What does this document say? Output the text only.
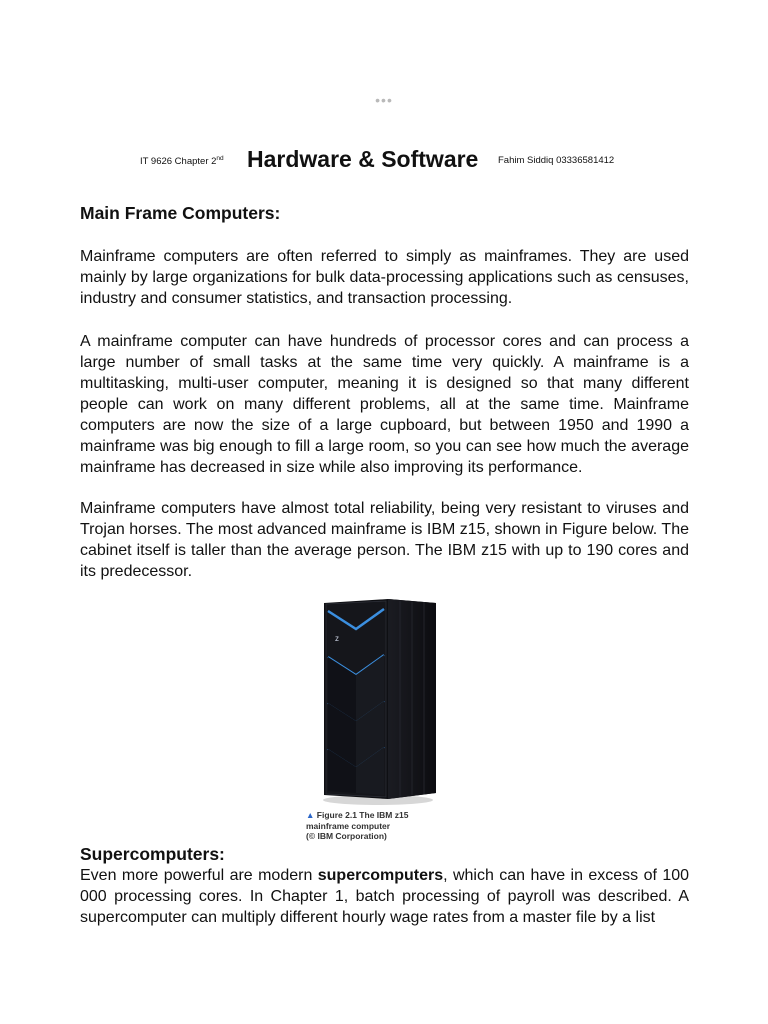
•••
IT 9626 Chapter 2nd Hardware & Software Fahim Siddiq 03336581412
Main Frame Computers:

Mainframe computers are often referred to simply as mainframes. They are used mainly by large organizations for bulk data-processing applications such as censuses, industry and consumer statistics, and transaction processing.

A mainframe computer can have hundreds of processor cores and can process a large number of small tasks at the same time very quickly. A mainframe is a multitasking, multi-user computer, meaning it is designed so that many different people can work on many different problems, all at the same time. Mainframe computers are now the size of a large cupboard, but between 1950 and 1990 a mainframe was big enough to fill a large room, so you can see how much the average mainframe has decreased in size while also improving its performance.

Mainframe computers have almost total reliability, being very resistant to viruses and Trojan horses. The most advanced mainframe is IBM z15, shown in Figure below. The cabinet itself is taller than the average person. The IBM z15 with up to 190 cores and its predecessor.

z
▲ Figure 2.1 The IBM z15
mainframe computer
(© IBM Corporation)
Supercomputers:

Even more powerful are modern supercomputers, which can have in excess of 100 000 processing cores. In Chapter 1, batch processing of payroll was described. A supercomputer can multiply different hourly wage rates from a master file by a list
